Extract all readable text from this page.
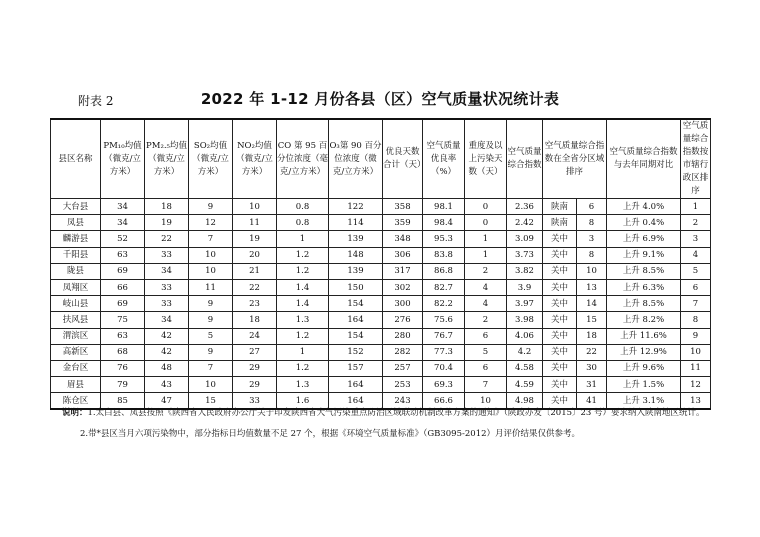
附表 2	2022 年 1-12 月份各县（区）空气质量状况统计表
县区名称	PM₁₀均值（微克/立方米）	PM₂.₅均值（微克/立方米）	SO₂均值（微克/立方米）	NO₂均值（微克/立方米）	CO 第 95 百分位浓度（毫克/立方米）	O₃第 90 百分位浓度（微克/立方米）	优良天数合计（天）	空气质量优良率（%）	重度及以上污染天数（天）	空气质量综合指数	空气质量综合指数在全省分区域排序		空气质量综合指数与去年同期对比	空气质量综合指数按市辖行政区排序
大台县	34	18	9	10	0.8	122	358	98.1	0	2.36	陕南	6	上升 4.0%	1
凤县	34	19	12	11	0.8	114	359	98.4	0	2.42	陕南	8	上升 0.4%	2
麟游县	52	22	7	19	1	139	348	95.3	1	3.09	关中	3	上升 6.9%	3
千阳县	63	33	10	20	1.2	148	306	83.8	1	3.73	关中	8	上升 9.1%	4
陇县	69	34	10	21	1.2	139	317	86.8	2	3.82	关中	10	上升 8.5%	5
凤翔区	66	33	11	22	1.4	150	302	82.7	4	3.9	关中	13	上升 6.3%	6
岐山县	69	33	9	23	1.4	154	300	82.2	4	3.97	关中	14	上升 8.5%	7
扶风县	75	34	9	18	1.3	164	276	75.6	2	3.98	关中	15	上升 8.2%	8
渭滨区	63	42	5	24	1.2	154	280	76.7	6	4.06	关中	18	上升 11.6%	9
高新区	68	42	9	27	1	152	282	77.3	5	4.2	关中	22	上升 12.9%	10
金台区	76	48	7	29	1.2	157	257	70.4	6	4.58	关中	30	上升 9.6%	11
眉县	79	43	10	29	1.3	164	253	69.3	7	4.59	关中	31	上升 1.5%	12
陈仓区	85	47	15	33	1.6	164	243	66.6	10	4.98	关中	41	上升 3.1%	13
说明：1.太白县、凤县按照《陕西省人民政府办公厅关于印发陕西省大气污染重点防治区域联动机制改革方案的通知》（陕政办发〔2015〕23 号）要求纳入陕南地区统计。
2.带*县区当月六项污染物中，部分指标日均值数量不足 27 个，根据《环境空气质量标准》（GB3095-2012）月评价结果仅供参考。
